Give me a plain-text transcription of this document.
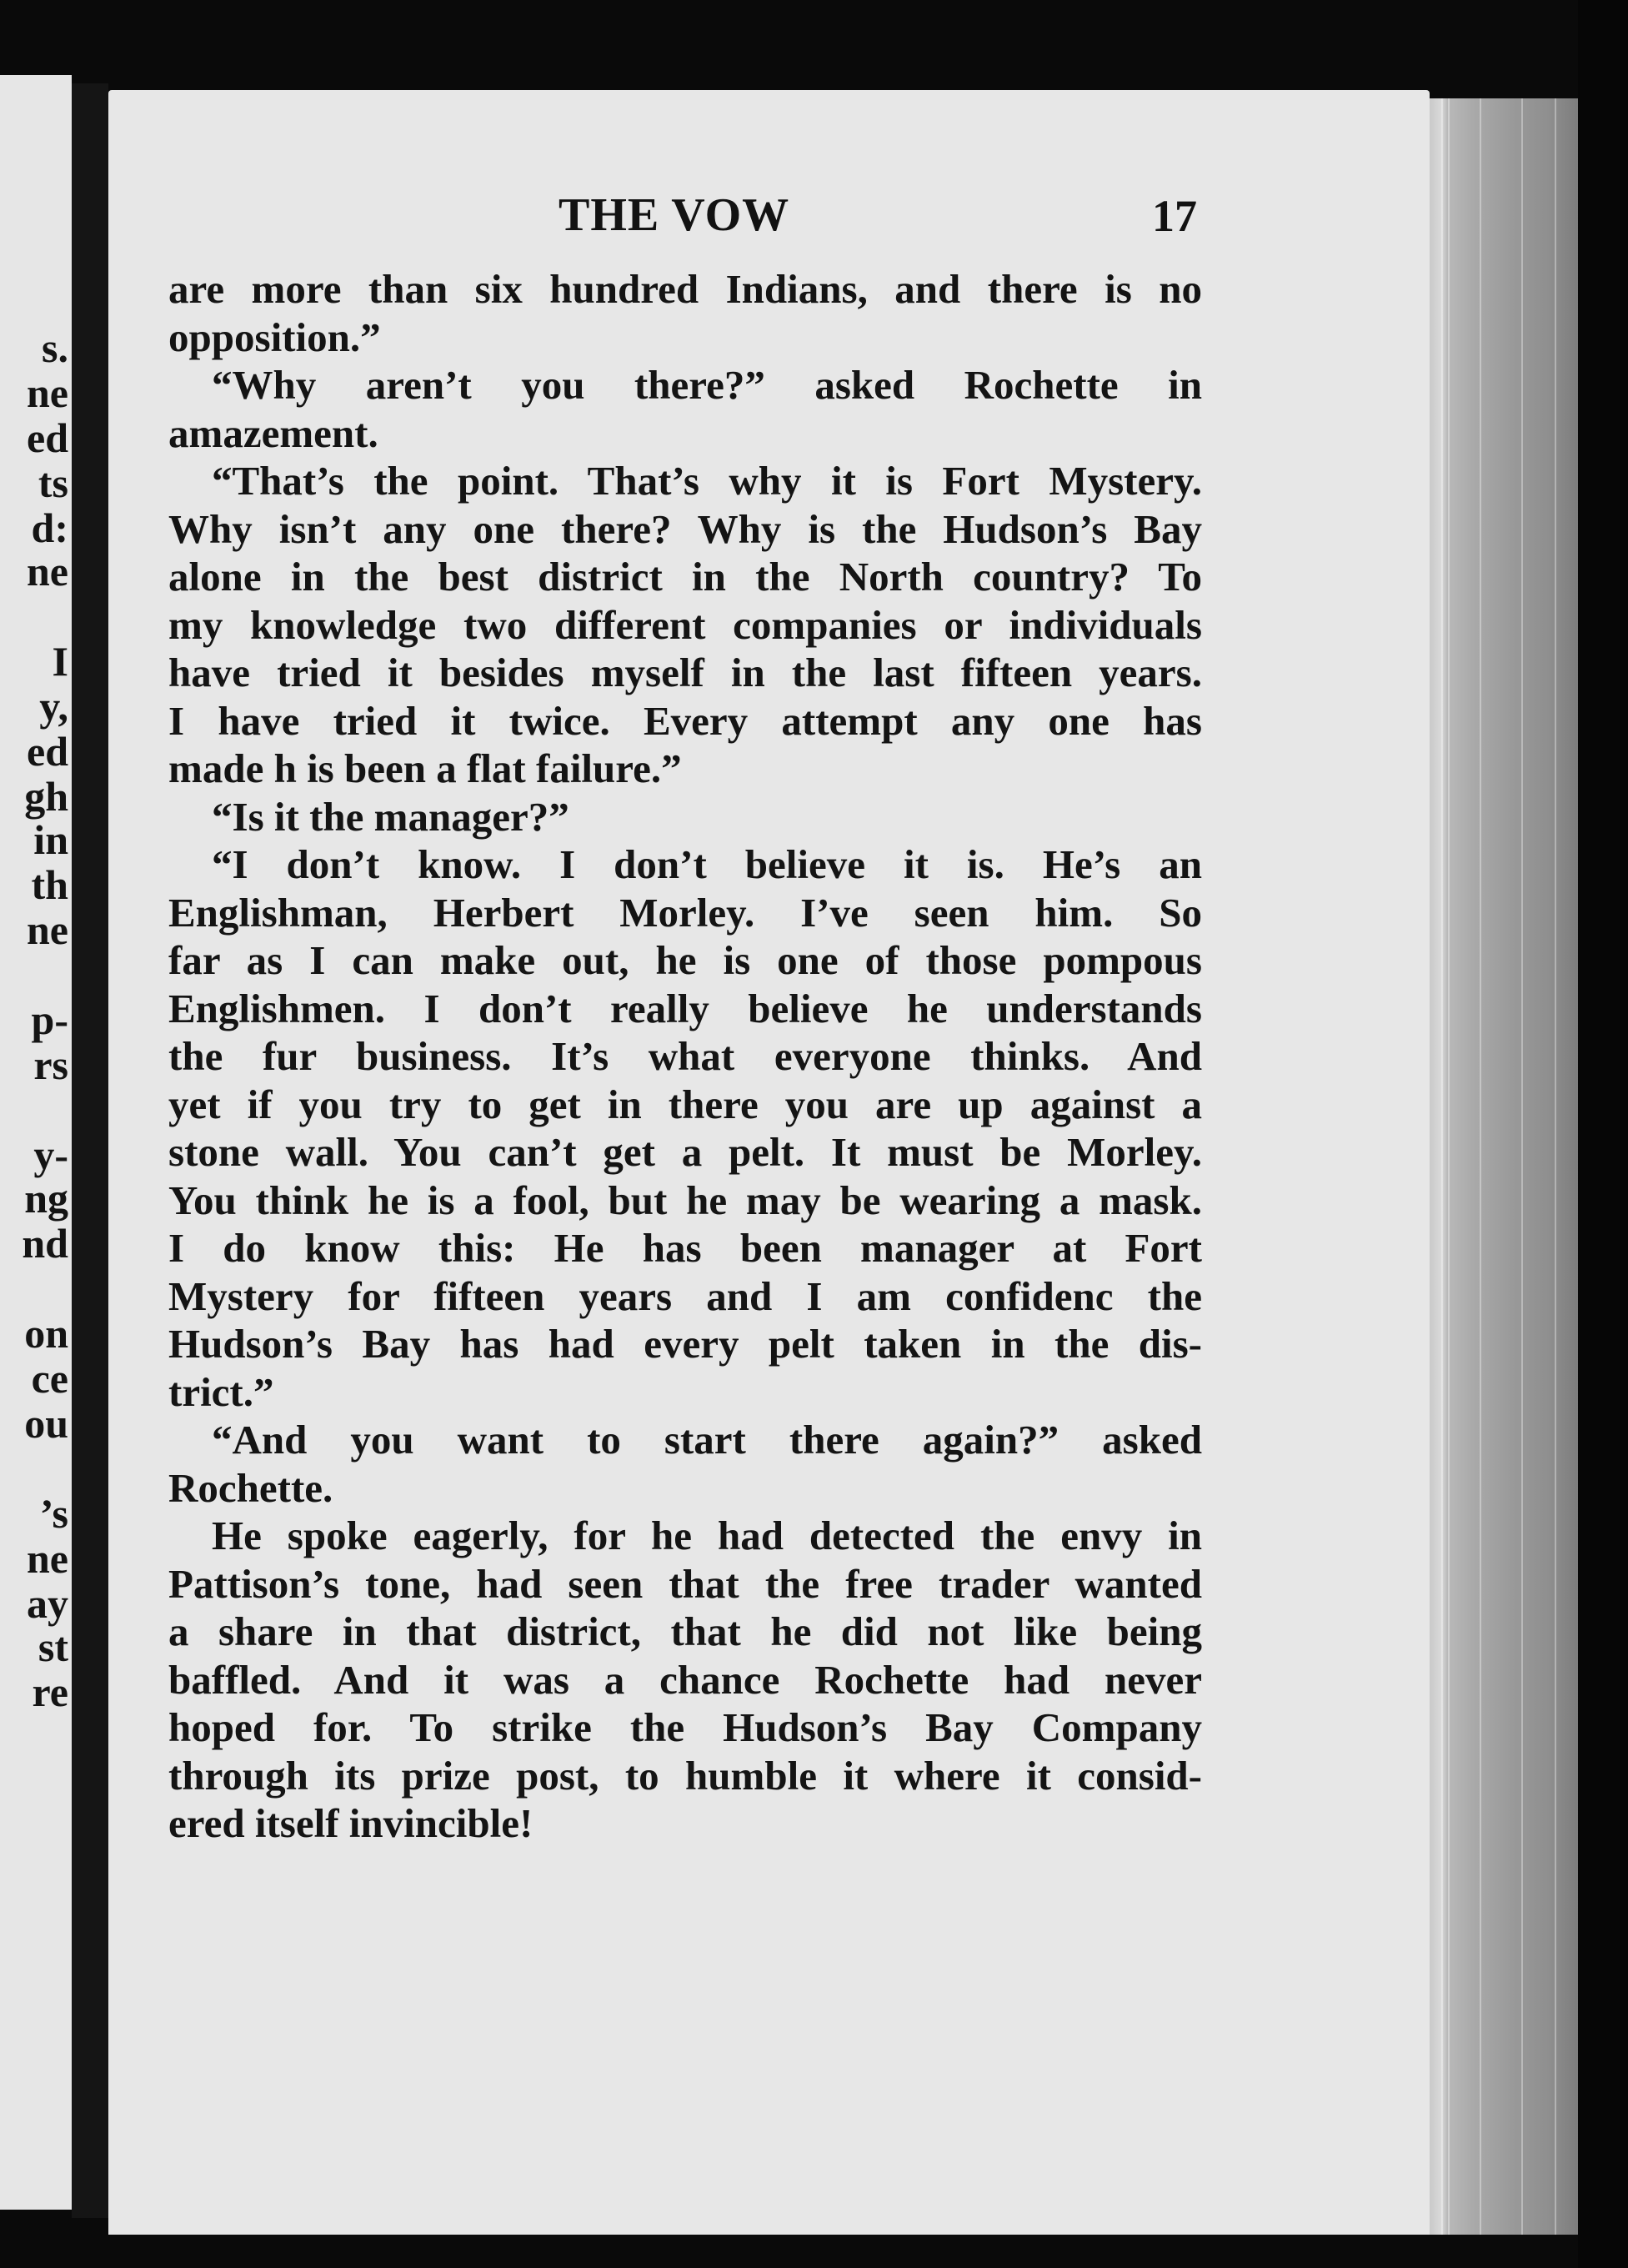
s.
ne
ed
ts
d:
ne
I
y,
ed
gh
in
th
ne
p-
rs
y-
ng
nd
on
ce
ou
’s
ne
ay
st
re
THE VOW	17
are more than six hundred Indians, and there is no
opposition.”
“Why aren’t you there?” asked Rochette in
amazement.
“That’s the point. That’s why it is Fort Mystery.
Why isn’t any one there? Why is the Hudson’s Bay
alone in the best district in the North country? To
my knowledge two different companies or individuals
have tried it besides myself in the last fifteen years.
I have tried it twice. Every attempt any one has
made h is been a flat failure.”
“Is it the manager?”
“I don’t know. I don’t believe it is. He’s an
Englishman, Herbert Morley. I’ve seen him. So
far as I can make out, he is one of those pompous
Englishmen. I don’t really believe he understands
the fur business. It’s what everyone thinks. And
yet if you try to get in there you are up against a
stone wall. You can’t get a pelt. It must be Morley.
You think he is a fool, but he may be wearing a mask.
I do know this: He has been manager at Fort
Mystery for fifteen years and I am confidenc the
Hudson’s Bay has had every pelt taken in the dis-
trict.”
“And you want to start there again?” asked
Rochette.
He spoke eagerly, for he had detected the envy in
Pattison’s tone, had seen that the free trader wanted
a share in that district, that he did not like being
baffled. And it was a chance Rochette had never
hoped for. To strike the Hudson’s Bay Company
through its prize post, to humble it where it consid-
ered itself invincible!
